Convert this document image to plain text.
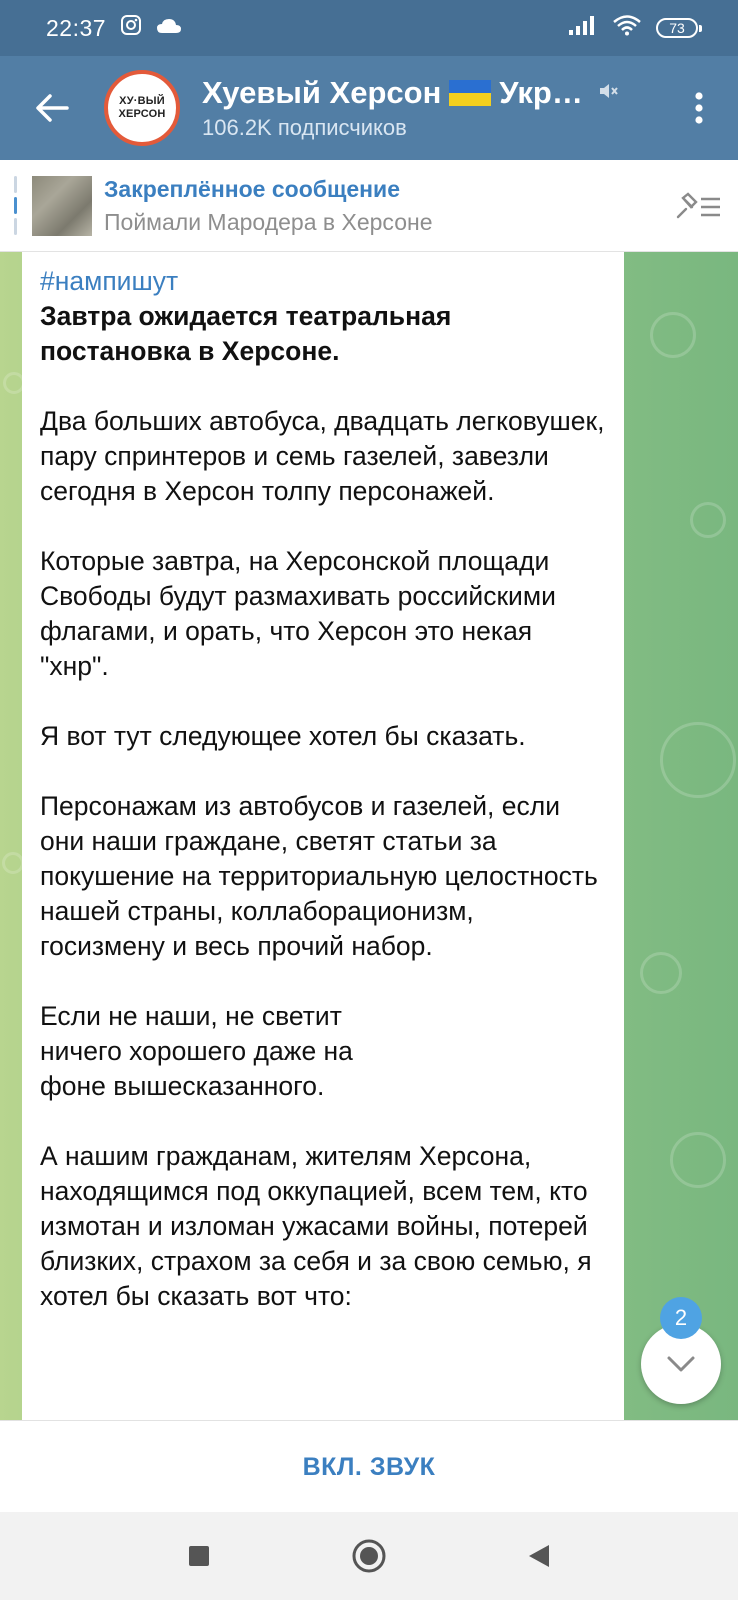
22:37	73
ХУ·ВЫЙ
ХЕРСОН
Хуевый Херсон Укр…
106.2K подписчиков
Закреплённое сообщение
Поймали Мародера в Херсоне
#нампишут
Завтра ожидается театральная постановка в Херсоне.
Два больших автобуса, двадцать легковушек, пару спринтеров и семь газелей, завезли сегодня в Херсон толпу персонажей.
Которые завтра, на Херсонской площади Свободы будут размахивать российскими флагами, и орать, что Херсон это некая "хнр".
Я вот тут следующее хотел бы сказать.
Персонажам из автобусов и газелей, если они наши граждане, светят статьи за покушение на территориальную целостность нашей страны, коллаборационизм, госизмену и весь прочий набор.
Если не наши, не светит ничего хорошего даже на фоне вышесказанного.
А нашим гражданам, жителям Херсона, находящимся под оккупацией, всем тем, кто измотан и изломан ужасами войны, потерей близких, страхом за себя и за свою семью, я хотел бы сказать вот что:
2
ВКЛ. ЗВУК
